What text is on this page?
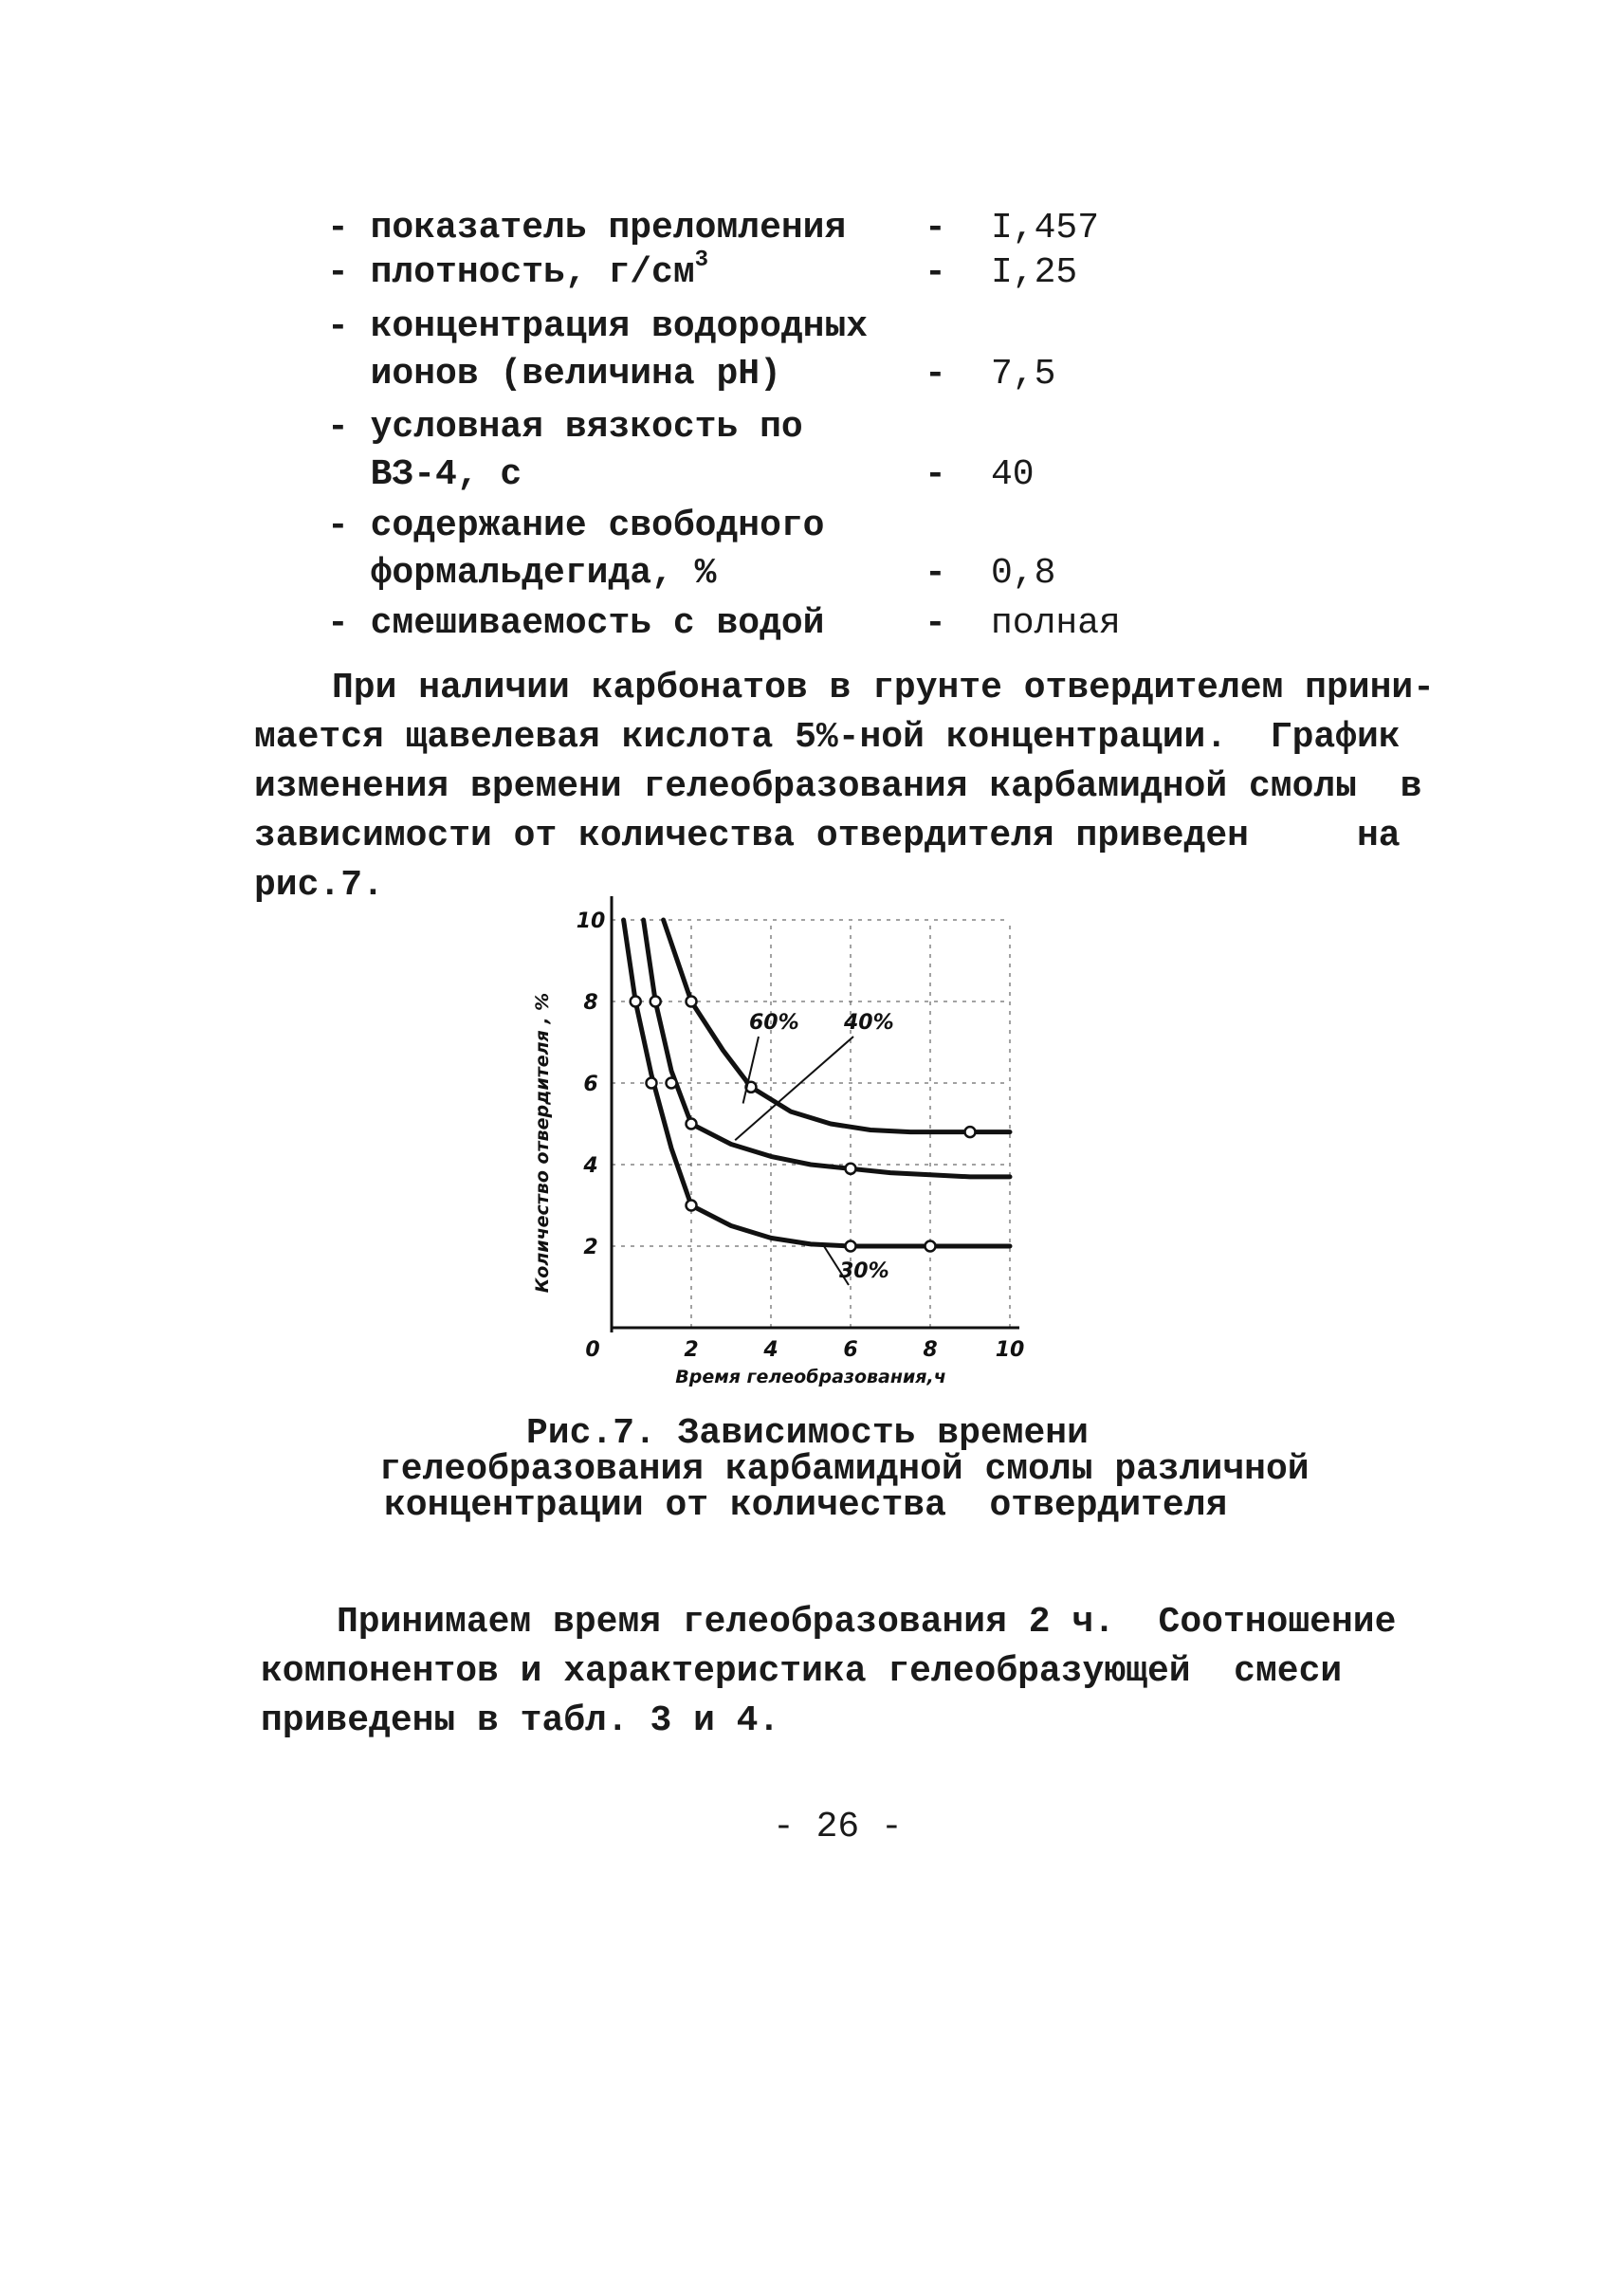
- показатель преломления - I,457
- плотность, г/см 3	- I,25
- концентрация водородных
ионов (величина рН)	- 7,5
- условная вязкость по
ВЗ-4, с	- 40
- содержание свободного
формальдегида, %	- 0,8
- смешиваемость с водой	- полная
При наличии карбонатов в грунте отвердителем прини-
мается щавелевая кислота 5%-ной концентрации.  График
изменения времени гелеобразования карбамидной смолы  в
зависимости от количества отвердителя приведен     на
рис.7.
0	2	4	6	8	10
2
4
6
8
10
Время гелеобразования,ч
Количество отвердителя , %	30%
40%
60%
Рис.7. Зависимость времени
гелеобразования карбамидной смолы различной
концентрации от количества  отвердителя
Принимаем время гелеобразования 2 ч.  Соотношение
компонентов и характеристика гелеобразующей  смеси
приведены в табл. 3 и 4.
- 26 -
